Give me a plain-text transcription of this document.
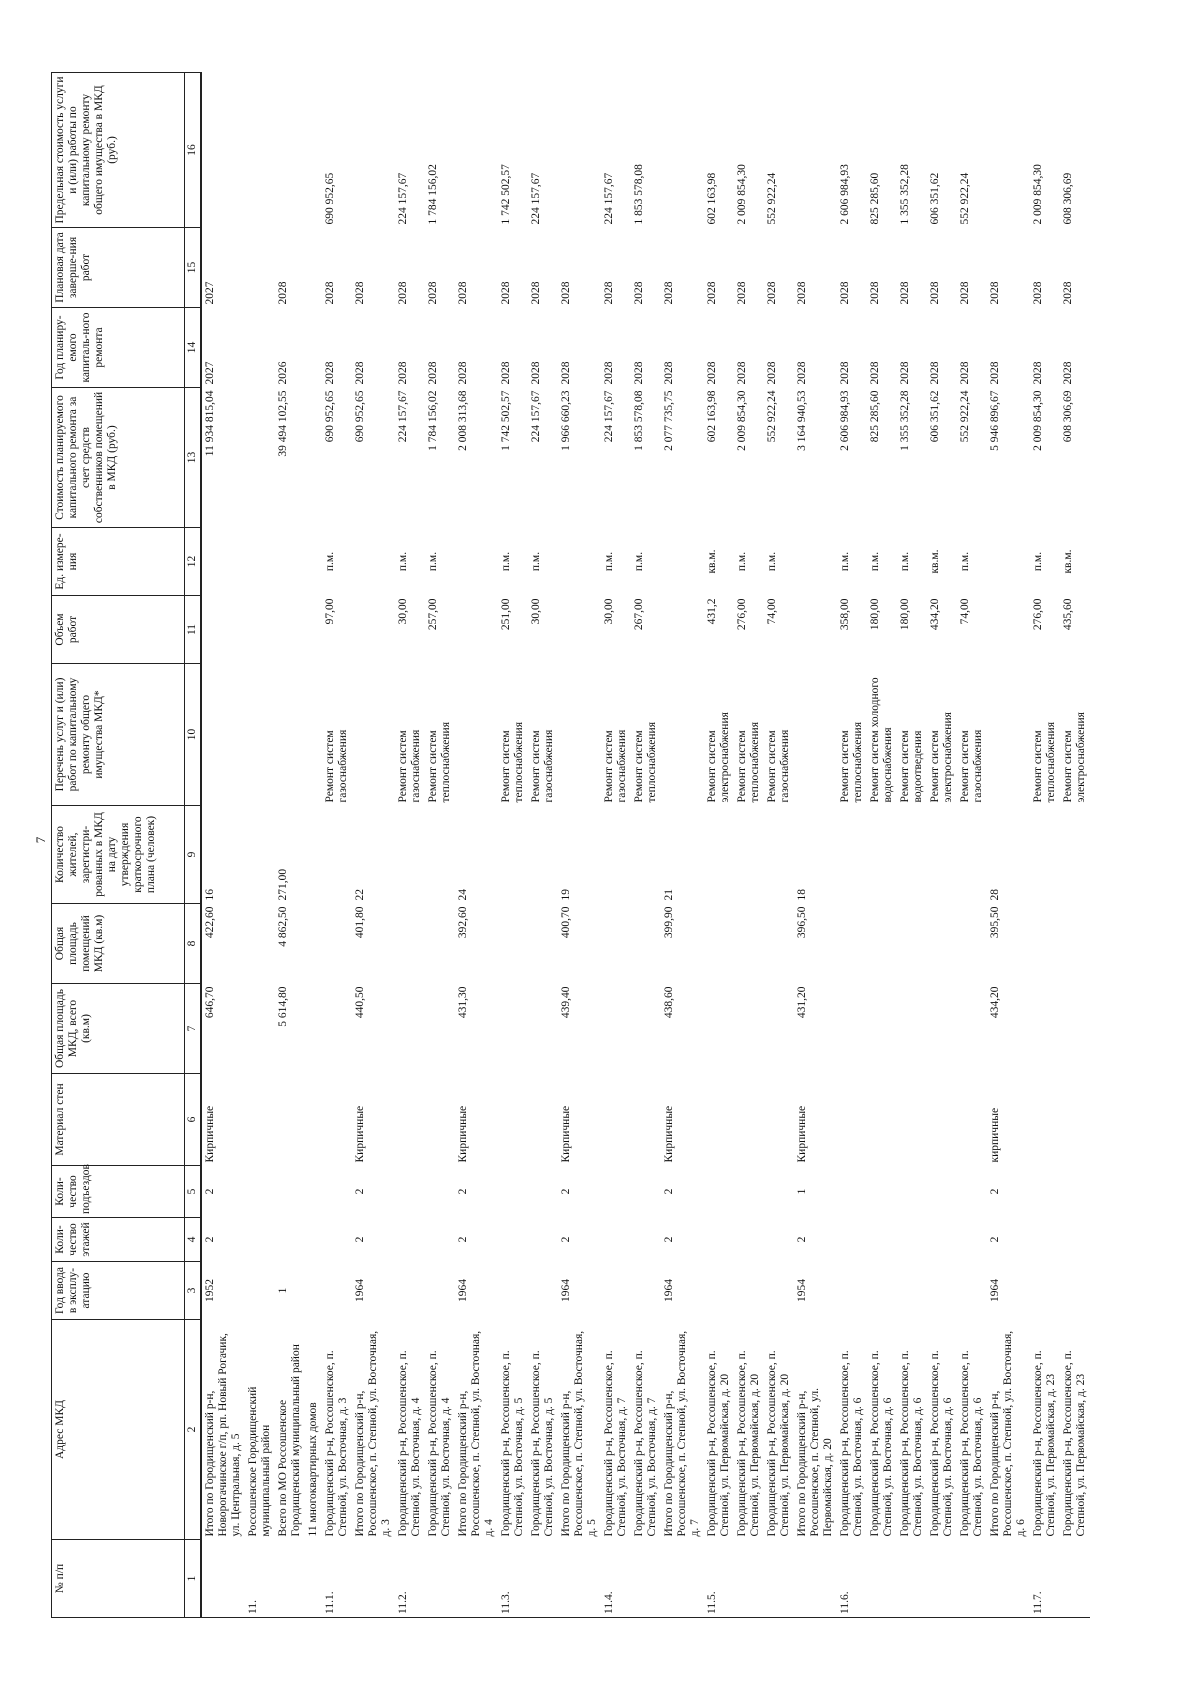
7
№ п/п	Адрес МКД	Год ввода в эксплу-атацию	Коли-чество этажей	Коли-чество подъездов	Материал стен	Общая площадь МКД, всего (кв.м)	Общая площадь помещений МКД (кв.м)	Количество жителей, зарегистри-рованных в МКД на дату утверждения краткосрочного плана (человек)	Перечень услуг и (или) работ по капитальному ремонту общего имущества МКД*	Объем работ	Ед. измере-ния	Стоимость планируемого капитального ремонта за счет средств собственников помещений в МКД (руб.)	Год планиру-емого капиталь-ного ремонта	Плановая дата заверше-ния работ	Предельная стоимость услуги и (или) работы по капитальному ремонту общего имущества в МКД (руб.)
1	2	3	4	5	6	7	8	9	10	11	12	13	14	15	16
	Итого по Городищенский р-н, Новорогачинское г/п, рп. Новый Рогачик, ул. Центральная, д. 5	1952	2	2	Кирпичные	646,70	422,60	16				11 934 815,04	2027	2027	
11.	Россошенское Городищенский муниципальный район														
	Всего по МО Россошенское Городищенский муниципальный район	1				5 614,80	4 862,50	271,00				39 494 102,55	2026	2028	
	11 многоквартирных домов														
11.1.	Городищенский р-н, Россошенское, п. Степной, ул. Восточная, д. 3								Ремонт систем газоснабжения	97,00	п.м.	690 952,65	2028	2028	690 952,65
	Итого по Городищенский р-н, Россошенское, п. Степной, ул. Восточная, д. 3	1964	2	2	Кирпичные	440,50	401,80	22				690 952,65	2028	2028	
11.2.	Городищенский р-н, Россошенское, п. Степной, ул. Восточная, д. 4								Ремонт систем газоснабжения	30,00	п.м.	224 157,67	2028	2028	224 157,67
	Городищенский р-н, Россошенское, п. Степной, ул. Восточная, д. 4								Ремонт систем теплоснабжения	257,00	п.м.	1 784 156,02	2028	2028	1 784 156,02
	Итого по Городищенский р-н, Россошенское, п. Степной, ул. Восточная, д. 4	1964	2	2	Кирпичные	431,30	392,60	24				2 008 313,68	2028	2028	
11.3.	Городищенский р-н, Россошенское, п. Степной, ул. Восточная, д. 5								Ремонт систем теплоснабжения	251,00	п.м.	1 742 502,57	2028	2028	1 742 502,57
	Городищенский р-н, Россошенское, п. Степной, ул. Восточная, д. 5								Ремонт систем газоснабжения	30,00	п.м.	224 157,67	2028	2028	224 157,67
	Итого по Городищенский р-н, Россошенское, п. Степной, ул. Восточная, д. 5	1964	2	2	Кирпичные	439,40	400,70	19				1 966 660,23	2028	2028	
11.4.	Городищенский р-н, Россошенское, п. Степной, ул. Восточная, д. 7								Ремонт систем газоснабжения	30,00	п.м.	224 157,67	2028	2028	224 157,67
	Городищенский р-н, Россошенское, п. Степной, ул. Восточная, д. 7								Ремонт систем теплоснабжения	267,00	п.м.	1 853 578,08	2028	2028	1 853 578,08
	Итого по Городищенский р-н, Россошенское, п. Степной, ул. Восточная, д. 7	1964	2	2	Кирпичные	438,60	399,90	21				2 077 735,75	2028	2028	
11.5.	Городищенский р-н, Россошенское, п. Степной, ул. Первомайская, д. 20								Ремонт систем электроснабжения	431,2	кв.м.	602 163,98	2028	2028	602 163,98
	Городищенский р-н, Россошенское, п. Степной, ул. Первомайская, д. 20								Ремонт систем теплоснабжения	276,00	п.м.	2 009 854,30	2028	2028	2 009 854,30
	Городищенский р-н, Россошенское, п. Степной, ул. Первомайская, д. 20								Ремонт систем газоснабжения	74,00	п.м.	552 922,24	2028	2028	552 922,24
	Итого по Городищенский р-н, Россошенское, п. Степной, ул. Первомайская, д. 20	1954	2	1	Кирпичные	431,20	396,50	18				3 164 940,53	2028	2028	
11.6.	Городищенский р-н, Россошенское, п. Степной, ул. Восточная, д. 6								Ремонт систем теплоснабжения	358,00	п.м.	2 606 984,93	2028	2028	2 606 984,93
	Городищенский р-н, Россошенское, п. Степной, ул. Восточная, д. 6								Ремонт систем холодного водоснабжения	180,00	п.м.	825 285,60	2028	2028	825 285,60
	Городищенский р-н, Россошенское, п. Степной, ул. Восточная, д. 6								Ремонт систем водоотведения	180,00	п.м.	1 355 352,28	2028	2028	1 355 352,28
	Городищенский р-н, Россошенское, п. Степной, ул. Восточная, д. 6								Ремонт систем электроснабжения	434,20	кв.м.	606 351,62	2028	2028	606 351,62
	Городищенский р-н, Россошенское, п. Степной, ул. Восточная, д. 6								Ремонт систем газоснабжения	74,00	п.м.	552 922,24	2028	2028	552 922,24
	Итого по Городищенский р-н, Россошенское, п. Степной, ул. Восточная, д. 6	1964	2	2	кирпичные	434,20	395,50	28				5 946 896,67	2028	2028	
11.7.	Городищенский р-н, Россошенское, п. Степной, ул. Первомайская, д. 23								Ремонт систем теплоснабжения	276,00	п.м.	2 009 854,30	2028	2028	2 009 854,30
	Городищенский р-н, Россошенское, п. Степной, ул. Первомайская, д. 23								Ремонт систем электроснабжения	435,60	кв.м.	608 306,69	2028	2028	608 306,69
